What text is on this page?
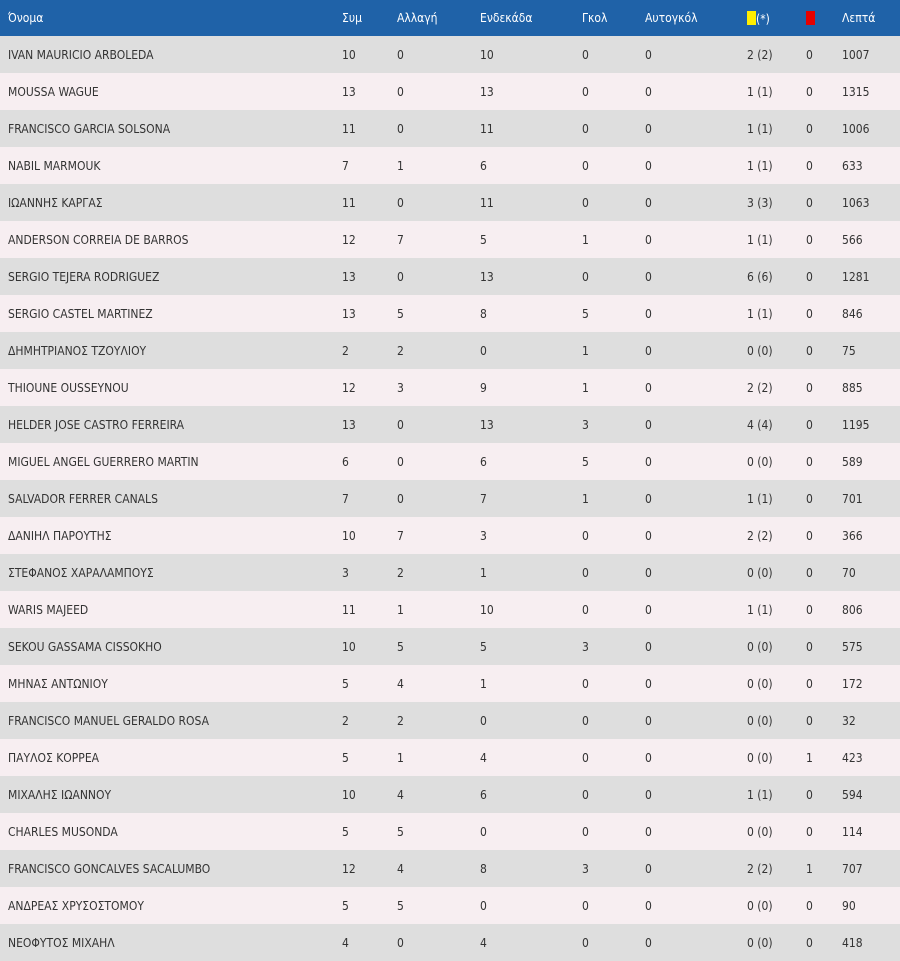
Όνομα	Συμ	Αλλαγή	Ενδεκάδα	Γκολ	Αυτογκόλ	(*)		Λεπτά
IVAN MAURICIO ARBOLEDA	10	0	10	0	0	2 (2)	0	1007
MOUSSA WAGUE	13	0	13	0	0	1 (1)	0	1315
FRANCISCO GARCIA SOLSONA	11	0	11	0	0	1 (1)	0	1006
NABIL MARMOUK	7	1	6	0	0	1 (1)	0	633
ΙΩΑΝΝΗΣ ΚΑΡΓΑΣ	11	0	11	0	0	3 (3)	0	1063
ANDERSON CORREIA DE BARROS	12	7	5	1	0	1 (1)	0	566
SERGIO TEJERA RODRIGUEZ	13	0	13	0	0	6 (6)	0	1281
SERGIO CASTEL MARTINEZ	13	5	8	5	0	1 (1)	0	846
ΔΗΜΗΤΡΙΑΝΟΣ ΤΖΟΥΛΙΟΥ	2	2	0	1	0	0 (0)	0	75
THIOUNE OUSSEYNOU	12	3	9	1	0	2 (2)	0	885
HELDER JOSE CASTRO FERREIRA	13	0	13	3	0	4 (4)	0	1195
MIGUEL ANGEL GUERRERO MARTIN	6	0	6	5	0	0 (0)	0	589
SALVADOR FERRER CANALS	7	0	7	1	0	1 (1)	0	701
ΔΑΝΙΗΛ ΠΑΡΟΥΤΗΣ	10	7	3	0	0	2 (2)	0	366
ΣΤΕΦΑΝΟΣ ΧΑΡΑΛΑΜΠΟΥΣ	3	2	1	0	0	0 (0)	0	70
WARIS MAJEED	11	1	10	0	0	1 (1)	0	806
SEKOU GASSAMA CISSOKHO	10	5	5	3	0	0 (0)	0	575
ΜΗΝΑΣ ΑΝΤΩΝΙΟΥ	5	4	1	0	0	0 (0)	0	172
FRANCISCO MANUEL GERALDO ROSA	2	2	0	0	0	0 (0)	0	32
ΠΑΥΛΟΣ ΚΟΡΡΕΑ	5	1	4	0	0	0 (0)	1	423
ΜΙΧΑΛΗΣ ΙΩΑΝΝΟΥ	10	4	6	0	0	1 (1)	0	594
CHARLES MUSONDA	5	5	0	0	0	0 (0)	0	114
FRANCISCO GONCALVES SACALUMBO	12	4	8	3	0	2 (2)	1	707
ΑΝΔΡΕΑΣ ΧΡΥΣΟΣΤΟΜΟΥ	5	5	0	0	0	0 (0)	0	90
ΝΕΟΦΥΤΟΣ ΜΙΧΑΗΛ	4	0	4	0	0	0 (0)	0	418
